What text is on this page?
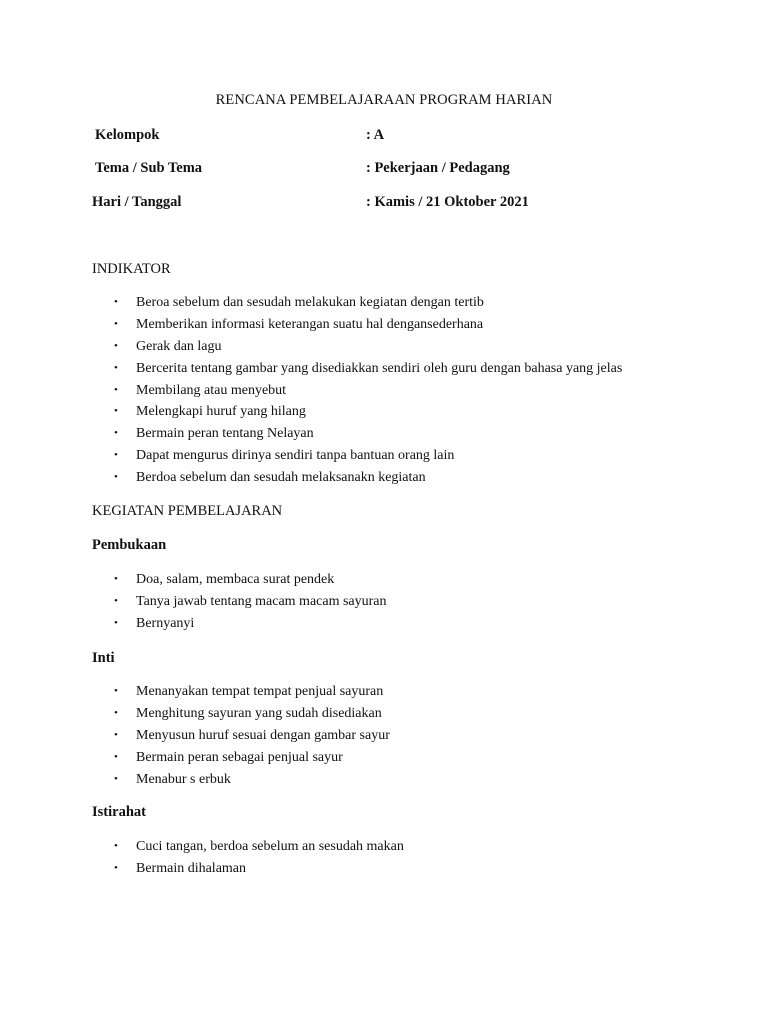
RENCANA PEMBELAJARAAN PROGRAM HARIAN
Kelompok	: A
Tema / Sub Tema	: Pekerjaan / Pedagang
Hari / Tanggal	: Kamis / 21 Oktober 2021
INDIKATOR
• Beroa sebelum dan sesudah melakukan kegiatan dengan tertib
• Memberikan informasi keterangan suatu hal dengansederhana
• Gerak dan lagu
• Bercerita tentang gambar yang disediakkan sendiri oleh guru dengan bahasa yang jelas
• Membilang atau menyebut
• Melengkapi huruf yang hilang
• Bermain peran tentang Nelayan
• Dapat mengurus dirinya sendiri tanpa bantuan orang lain
• Berdoa sebelum dan sesudah melaksanakn kegiatan
KEGIATAN PEMBELAJARAN
Pembukaan
• Doa, salam, membaca surat pendek
• Tanya jawab tentang macam macam sayuran
• Bernyanyi
Inti
• Menanyakan tempat tempat penjual sayuran
• Menghitung sayuran yang sudah disediakan
• Menyusun huruf sesuai dengan gambar sayur
• Bermain peran sebagai penjual sayur
• Menabur s erbuk
Istirahat
• Cuci tangan, berdoa sebelum an sesudah makan
• Bermain dihalaman
